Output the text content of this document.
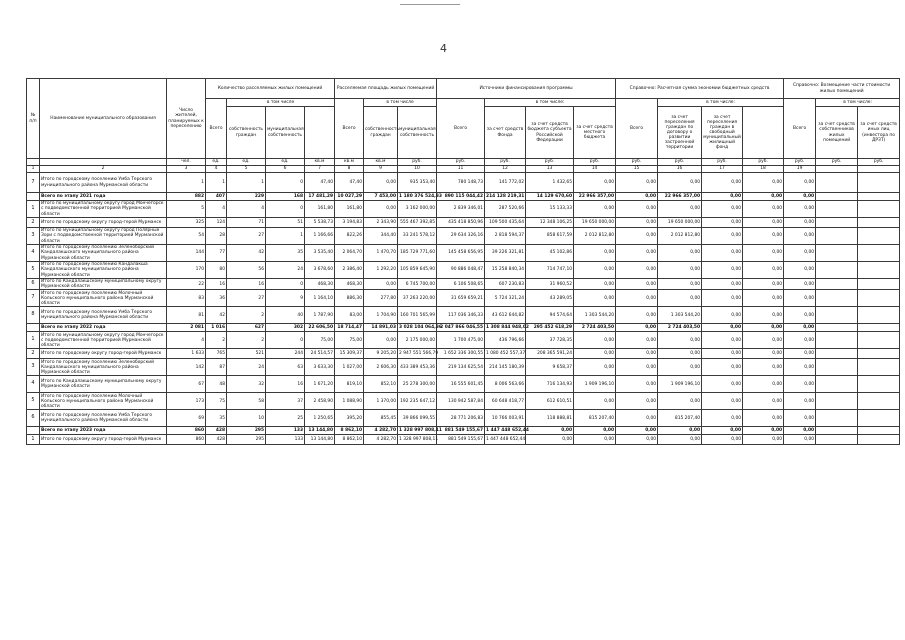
4
№ п/п	Наименование муниципального образования	Число жителей, планируемых к переселению	Количество расселяемых жилых помещений				Расселяемая площадь жилых помещений			Источники финансирования программы				Справочно: Расчетная сумма экономии бюджетных средств				Справочно: Возмещение части стоимости жилых помещений		
			Всего	в том числе			Всего	в том числе		Всего	в том числе:			Всего	в том числе:			Всего	в том числе:	
				собственность граждан	муниципальная собственность			собственность граждан	муниципальная собственность		за счет средств Фонда	за счет средств бюджета субъекта Российской Федерации	за счет средств местного бюджета		за счет переселения граждан по договору о развитии застроенной территории	за счет переселения граждан в свободный муниципальный жилищный фонд			за счет средств собственников жилых помещений	за счет средств иных лиц (инвестора по ДРЗТ)
		чел.	ед.	ед.	ед.	кв.м	кв.м	кв.м	руб.	руб.	руб.	руб.	руб.	руб.	руб.	руб.	руб.	руб.	руб.	руб.
1	2	3	4	5	6	7	8	9	10	11	12	13	14	15	16	17	18	19		
7	Итого по городскому поселению Умба Терского муниципального района Мурманской области	1	1	1	0	47,40	47,40	0,00	935 353,40	780 148,73	141 772,02	1 432,65	0,00	0,00	0,00	0,00	0,00	0,00		
	Всего по этапу 2021 года	882	407	229	168	17 481,29	10 027,29	7 453,00	1 180 376 524,33	890 115 044,42	214 128 219,31	14 129 670,60	22 966 357,00	0,00	22 966 357,00	0,00	0,00	0,00		
1	Итого по муниципальному округу город Мончегорск с подведомственной территорией Мурманской области	5	4	4	0	161,80	161,80	0,00	3 162 000,00	2 839 346,01	287 520,66	15 133,33	0,00	0,00	0,00	0,00	0,00	0,00		
2	Итого по городскому округу город-герой Мурманск	325	124	71	51	5 538,73	3 194,83	2 343,90	555 467 392,85	435 418 850,96	109 500 435,64	12 348 106,25	19 650 000,00	0,00	19 650 000,00	0,00	0,00	0,00		
3	Итого по муниципальному округу город Полярные Зори с подведомственной территорией Мурманской области	54	28	27	1	1 166,66	822,26	344,40	33 241 578,12	29 634 326,16	2 818 594,37	858 617,59	2 012 812,80	0,00	2 012 812,80	0,00	0,00	0,00		
4	Итого по городскому поселению Зеленоборский Кандалакшского муниципального района Мурманской области	144	77	42	35	3 535,40	2 064,70	1 470,70	185 729 771,60	145 458 656,95	39 226 321,81	45 102,86	0,00	0,00	0,00	0,00	0,00	0,00		
5	Итого по городскому поселению Кандалакша Кандалакшского муниципального района Мурманской области	170	80	56	24	3 678,60	2 386,40	1 292,20	105 859 645,90	90 886 048,47	15 258 840,34	714 747,10	0,00	0,00	0,00	0,00	0,00	0,00		
6	Итого по Кандалакшскому муниципальному округу Мурманской области	22	16	16	0	468,30	468,30	0,00	6 745 700,00	6 106 508,65	607 230,83	31 960,52	0,00	0,00	0,00	0,00	0,00	0,00		
7	Итого по городскому поселению Молочный Кольского муниципального района Мурманской области	83	36	27	9	1 164,10	886,30	277,80	37 263 220,00	31 659 659,21	5 724 321,24	43 289,05	0,00	0,00	0,00	0,00	0,00	0,00		
8	Итого по городскому поселению Умба Терского муниципального района Мурманской области	81	42	2	40	1 787,90	83,00	1 704,90	160 701 565,99	117 036 346,33	43 612 644,82	94 574,64	1 303 544,20	0,00	1 303 544,20	0,00	0,00	0,00		
	Всего по этапу 2022 года	2 081	1 016	627	302	22 606,50	18 714,47	14 891,03	3 028 104 064,36	2 047 866 046,55	1 308 844 948,02	295 452 618,29	2 724 403,50	0,00	2 724 403,50	0,00	0,00	0,00		
1	Итого по муниципальному округу город Мончегорск с подведомственной территорией Мурманской области	4	2	2	0	75,00	75,00	0,00	2 175 000,00	1 700 475,00	436 796,66	37 728,35	0,00	0,00	0,00	0,00	0,00	0,00		
2	Итого по городскому округу город-герой Мурманск	1 633	765	521	244	24 514,57	15 309,37	9 205,20	2 947 551 566,79	1 652 336 300,55	1 080 452 557,37	208 365 591,24	0,00	0,00	0,00	0,00	0,00	0,00		
3	Итого по городскому поселению Зеленоборский Кандалакшского муниципального района Мурманской области	142	87	24	63	3 633,30	1 027,00	2 606,30	433 389 453,36	219 134 625,54	214 145 180,39	9 658,37	0,00	0,00	0,00	0,00	0,00	0,00		
4	Итого по Кандалакшскому муниципальному округу Мурманской области	67	48	32	16	1 671,20	819,10	852,10	25 278 300,00	16 555 601,45	8 006 563,66	716 134,93	1 909 196,10	0,00	1 909 196,10	0,00	0,00	0,00		
5	Итого по городскому поселению Молочный Кольского муниципального района Мурманской области	173	75	58	37	2 458,90	1 088,90	1 370,00	192 235 647,12	130 942 587,84	60 648 418,77	612 610,51	0,00	0,00	0,00	0,00	0,00	0,00		
6	Итого по городскому поселению Умба Терского муниципального района Мурманской области	69	35	10	25	1 250,65	395,20	855,45	39 866 099,55	28 771 206,83	10 766 003,91	118 888,81	815 207,40	0,00	815 207,40	0,00	0,00	0,00		
	Всего по этапу 2023 года	860	428	295	133	13 144,80	8 862,10	4 282,70	1 328 997 808,11	881 549 155,67	1 447 448 652,44	0,00	0,00	0,00	0,00	0,00	0,00	0,00		
1	Итого по городскому округу город-герой Мурманск	860	428	295	133	13 144,80	8 862,10	4 282,70	1 328 997 808,11	881 549 155,67	1 447 448 652,44	0,00	0,00	0,00	0,00	0,00	0,00	0,00		
